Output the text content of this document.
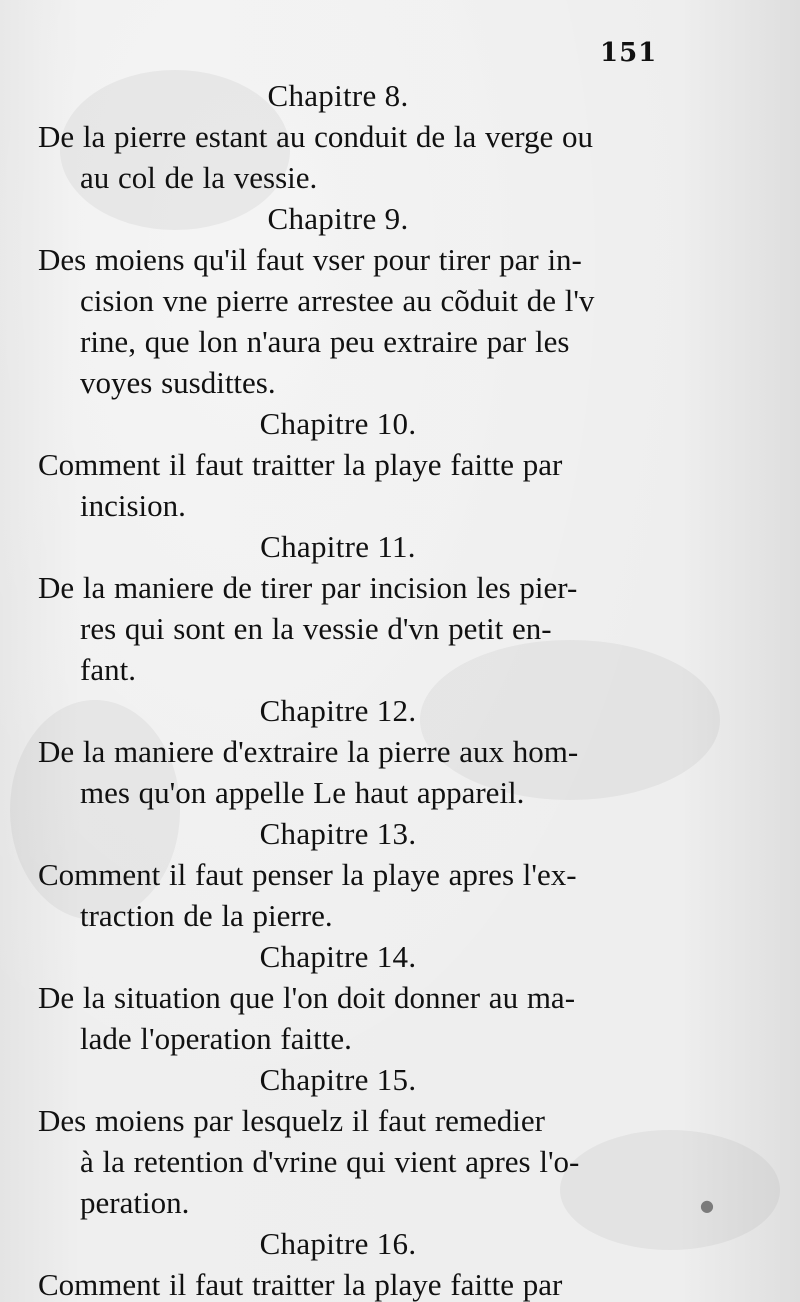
151

Chapitre 8.

De la pierre estant au conduit de la verge ou

au col de la vessie.

Chapitre 9.

Des moiens qu'il faut vser pour tirer par in-

cision vne pierre arrestee au cõduit de l'v

rine, que lon n'aura peu extraire par les

voyes susdittes.

Chapitre 10.

Comment il faut traitter la playe faitte par

incision.

Chapitre 11.

De la maniere de tirer par incision les pier-

res qui sont en la vessie d'vn petit en-

fant.

Chapitre 12.

De la maniere d'extraire la pierre aux hom-

mes qu'on appelle Le haut appareil.

Chapitre 13.

Comment il faut penser la playe apres l'ex-

traction de la pierre.

Chapitre 14.

De la situation que l'on doit donner au ma-

lade l'operation faitte.

Chapitre 15.

Des moiens par lesquelz il faut remedier

à la retention d'vrine qui vient apres l'o-

peration.

Chapitre 16.

Comment il faut traitter la playe faitte par

●
